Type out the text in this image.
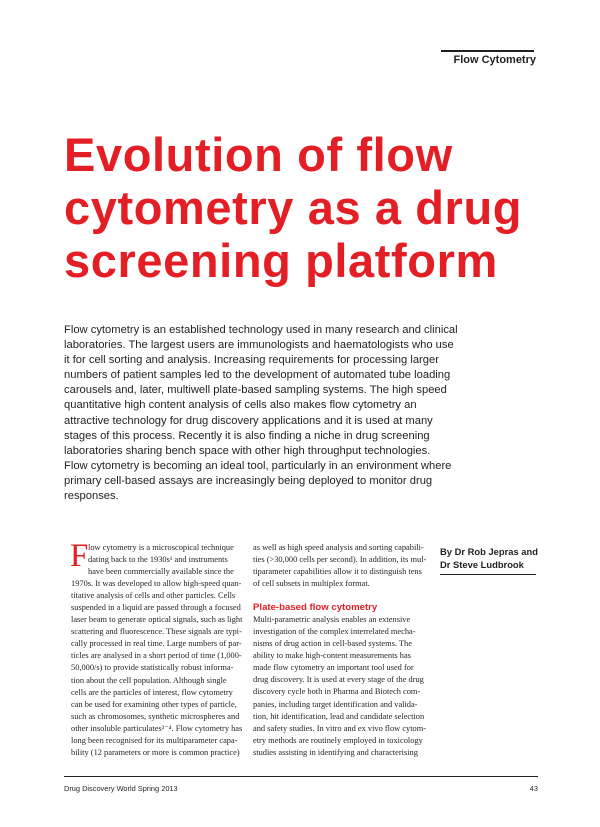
Flow Cytometry
Evolution of flow
cytometry as a drug
screening platform

Flow cytometry is an established technology used in many research and clinical
laboratories. The largest users are immunologists and haematologists who use
it for cell sorting and analysis. Increasing requirements for processing larger
numbers of patient samples led to the development of automated tube loading
carousels and, later, multiwell plate-based sampling systems. The high speed
quantitative high content analysis of cells also makes flow cytometry an
attractive technology for drug discovery applications and it is used at many
stages of this process. Recently it is also finding a niche in drug screening
laboratories sharing bench space with other high throughput technologies.
Flow cytometry is becoming an ideal tool, particularly in an environment where
primary cell-based assays are increasingly being deployed to monitor drug
responses.

F low cytometry is a microscopical technique
dating back to the 1930s¹ and instruments
have been commercially available since the
1970s. It was developed to allow high-speed quan-
titative analysis of cells and other particles. Cells
suspended in a liquid are passed through a focused
laser beam to generate optical signals, such as light
scattering and fluorescence. These signals are typi-
cally processed in real time. Large numbers of par-
ticles are analysed in a short period of time (1,000-
50,000/s) to provide statistically robust informa-
tion about the cell population. Although single
cells are the particles of interest, flow cytometry
can be used for examining other types of particle,
such as chromosomes, synthetic microspheres and
other insoluble particulates²⁻⁴. Flow cytometry has
long been recognised for its multiparameter capa-
bility (12 parameters or more is common practice)
as well as high speed analysis and sorting capabili-
ties (>30,000 cells per second). In addition, its mul-
tiparameter capabilities allow it to distinguish tens
of cell subsets in multiplex format.
Plate-based flow cytometry
Multi-parametric analysis enables an extensive
investigation of the complex interrelated mecha-
nisms of drug action in cell-based systems. The
ability to make high-content measurements has
made flow cytometry an important tool used for
drug discovery. It is used at every stage of the drug
discovery cycle both in Pharma and Biotech com-
panies, including target identification and valida-
tion, hit identification, lead and candidate selection
and safety studies. In vitro and ex vivo flow cytom-
etry methods are routinely employed in toxicology
studies assisting in identifying and characterising
By Dr Rob Jepras and
Dr Steve Ludbrook
Drug Discovery World Spring 2013	43
